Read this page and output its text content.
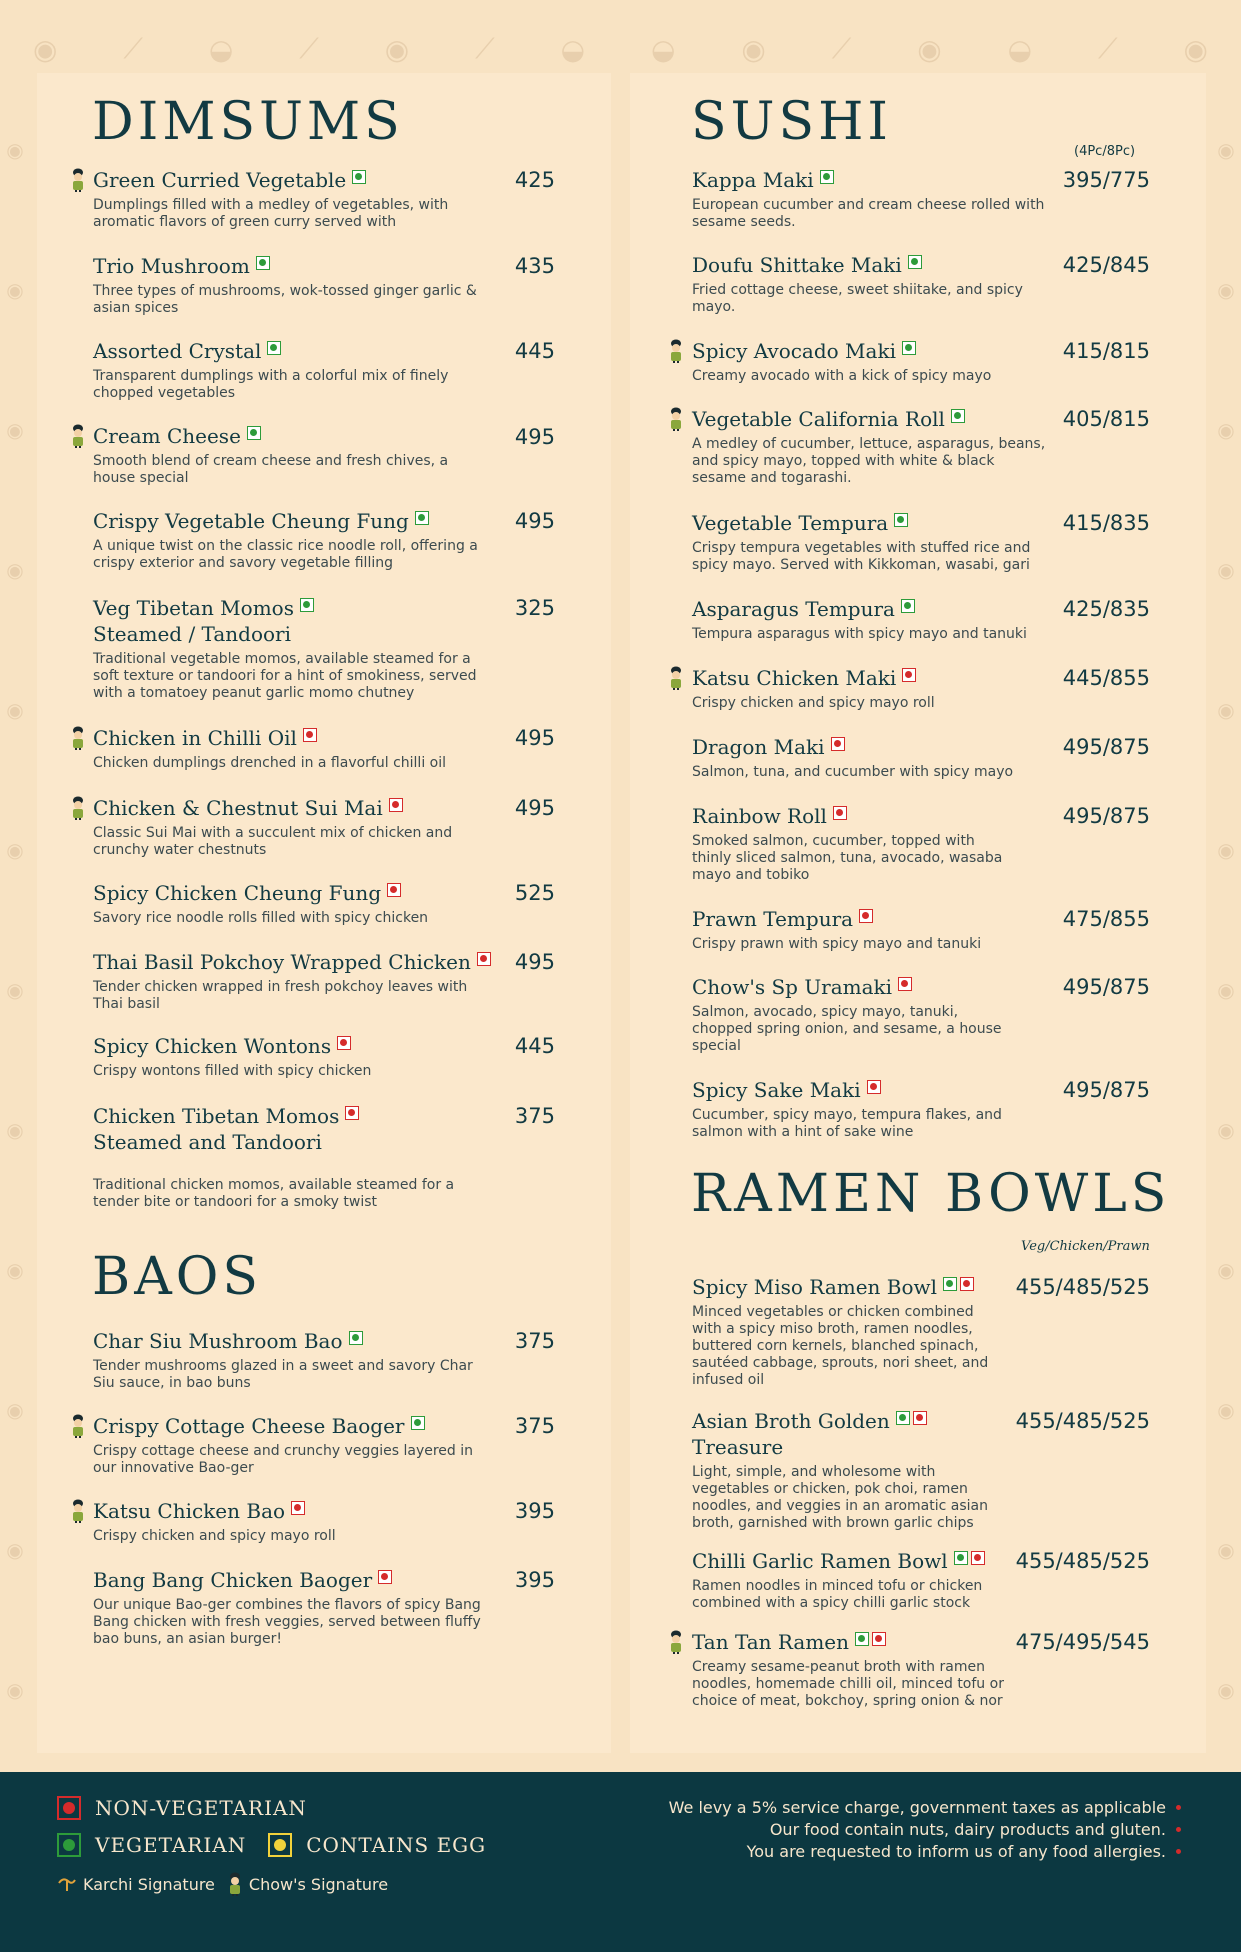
◉ ⟋ ◒ ⟋ ◉ ⟋ ◒ ◒ ◉ ⟋ ◉ ◒ ⟋ ◉
◉
◉
◉
◉
◉
◉
◉
◉
◉
◉
◉
◉
◉
◉
◉
◉
◉
◉
◉
◉
◉
◉
◉
◉
DIMSUMS
Green Curried Vegetable
Dumplings filled with a medley of vegetables, with aromatic flavors of green curry served with
425
Trio Mushroom
Three types of mushrooms, wok-tossed ginger garlic & asian spices
435
Assorted Crystal
Transparent dumplings with a colorful mix of finely chopped vegetables
445
Cream Cheese
Smooth blend of cream cheese and fresh chives, a house special
495
Crispy Vegetable Cheung Fung
A unique twist on the classic rice noodle roll, offering a crispy exterior and savory vegetable filling
495
Veg Tibetan Momos
Steamed / Tandoori
Traditional vegetable momos, available steamed for a soft texture or tandoori for a hint of smokiness, served with a tomatoey peanut garlic momo chutney
325
Chicken in Chilli Oil
Chicken dumplings drenched in a flavorful chilli oil
495
Chicken & Chestnut Sui Mai
Classic Sui Mai with a succulent mix of chicken and crunchy water chestnuts
495
Spicy Chicken Cheung Fung
Savory rice noodle rolls filled with spicy chicken
525
Thai Basil Pokchoy Wrapped Chicken
Tender chicken wrapped in fresh pokchoy leaves with Thai basil
495
Spicy Chicken Wontons
Crispy wontons filled with spicy chicken
445
Chicken Tibetan Momos
Steamed and Tandoori
Traditional chicken momos, available steamed for a tender bite or tandoori for a smoky twist
375
BAOS
Char Siu Mushroom Bao
Tender mushrooms glazed in a sweet and savory Char Siu sauce, in bao buns
375
Crispy Cottage Cheese Baoger
Crispy cottage cheese and crunchy veggies layered in our innovative Bao-ger
375
Katsu Chicken Bao
Crispy chicken and spicy mayo roll
395
Bang Bang Chicken Baoger
Our unique Bao-ger combines the flavors of spicy Bang Bang chicken with fresh veggies, served between fluffy bao buns, an asian burger!
395
SUSHI	(4Pc/8Pc)
Kappa Maki
European cucumber and cream cheese rolled with sesame seeds.
395/775
Doufu Shittake Maki
Fried cottage cheese, sweet shiitake, and spicy mayo.
425/845
Spicy Avocado Maki
Creamy avocado with a kick of spicy mayo
415/815
Vegetable California Roll
A medley of cucumber, lettuce, asparagus, beans, and spicy mayo, topped with white & black sesame and togarashi.
405/815
Vegetable Tempura
Crispy tempura vegetables with stuffed rice and spicy mayo. Served with Kikkoman, wasabi, gari
415/835
Asparagus Tempura
Tempura asparagus with spicy mayo and tanuki
425/835
Katsu Chicken Maki
Crispy chicken and spicy mayo roll
445/855
Dragon Maki
Salmon, tuna, and cucumber with spicy mayo
495/875
Rainbow Roll
Smoked salmon, cucumber, topped with thinly sliced salmon, tuna, avocado, wasaba mayo and tobiko
495/875
Prawn Tempura
Crispy prawn with spicy mayo and tanuki
475/855
Chow's Sp Uramaki
Salmon, avocado, spicy mayo, tanuki, chopped spring onion, and sesame, a house special
495/875
Spicy Sake Maki
Cucumber, spicy mayo, tempura flakes, and salmon with a hint of sake wine
495/875
RAMEN BOWLS
Veg/Chicken/Prawn
Spicy Miso Ramen Bowl
Minced vegetables or chicken combined with a spicy miso broth, ramen noodles, buttered corn kernels, blanched spinach, sautéed cabbage, sprouts, nori sheet, and infused oil
455/485/525
Asian Broth Golden
Treasure
Light, simple, and wholesome with vegetables or chicken, pok choi, ramen noodles, and veggies in an aromatic asian broth, garnished with brown garlic chips
455/485/525
Chilli Garlic Ramen Bowl
Ramen noodles in minced tofu or chicken combined with a spicy chilli garlic stock
455/485/525
Tan Tan Ramen
Creamy sesame-peanut broth with ramen noodles, homemade chilli oil, minced tofu or choice of meat, bokchoy, spring onion & nor
475/495/545
NON-VEGETARIAN
VEGETARIAN	CONTAINS EGG
Karchi Signature Chow's Signature
We levy a 5% service charge, government taxes as applicable
Our food contain nuts, dairy products and gluten.
You are requested to inform us of any food allergies.
